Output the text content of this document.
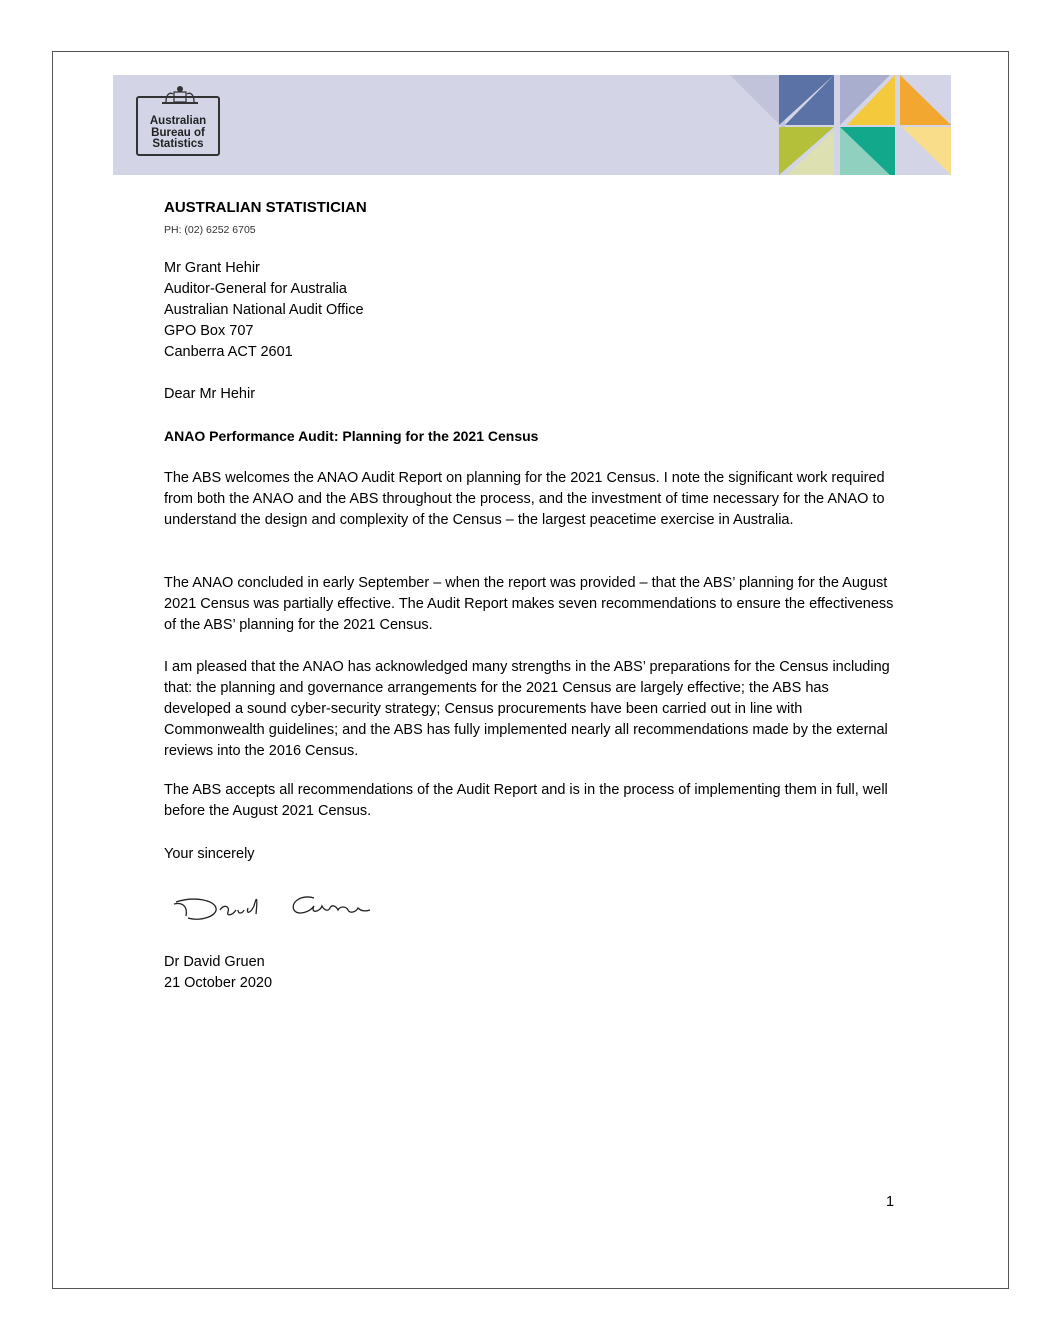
Australian
Bureau of
Statistics
AUSTRALIAN STATISTICIAN
PH: (02) 6252 6705
Mr Grant Hehir
Auditor-General for Australia
Australian National Audit Office
GPO Box 707
Canberra ACT 2601
Dear Mr Hehir
ANAO Performance Audit: Planning for the 2021 Census
The ABS welcomes the ANAO Audit Report on planning for the 2021 Census. I note the significant work required from both the ANAO and the ABS throughout the process, and the investment of time necessary for the ANAO to understand the design and complexity of the Census – the largest peacetime exercise in Australia.
The ANAO concluded in early September – when the report was provided – that the ABS’ planning for the August 2021 Census was partially effective. The Audit Report makes seven recommendations to ensure the effectiveness of the ABS’ planning for the 2021 Census.
I am pleased that the ANAO has acknowledged many strengths in the ABS’ preparations for the Census including that: the planning and governance arrangements for the 2021 Census are largely effective; the ABS has developed a sound cyber-security strategy; Census procurements have been carried out in line with Commonwealth guidelines; and the ABS has fully implemented nearly all recommendations made by the external reviews into the 2016 Census.
The ABS accepts all recommendations of the Audit Report and is in the process of implementing them in full, well before the August 2021 Census.
Your sincerely
Dr David Gruen
21 October 2020
1
